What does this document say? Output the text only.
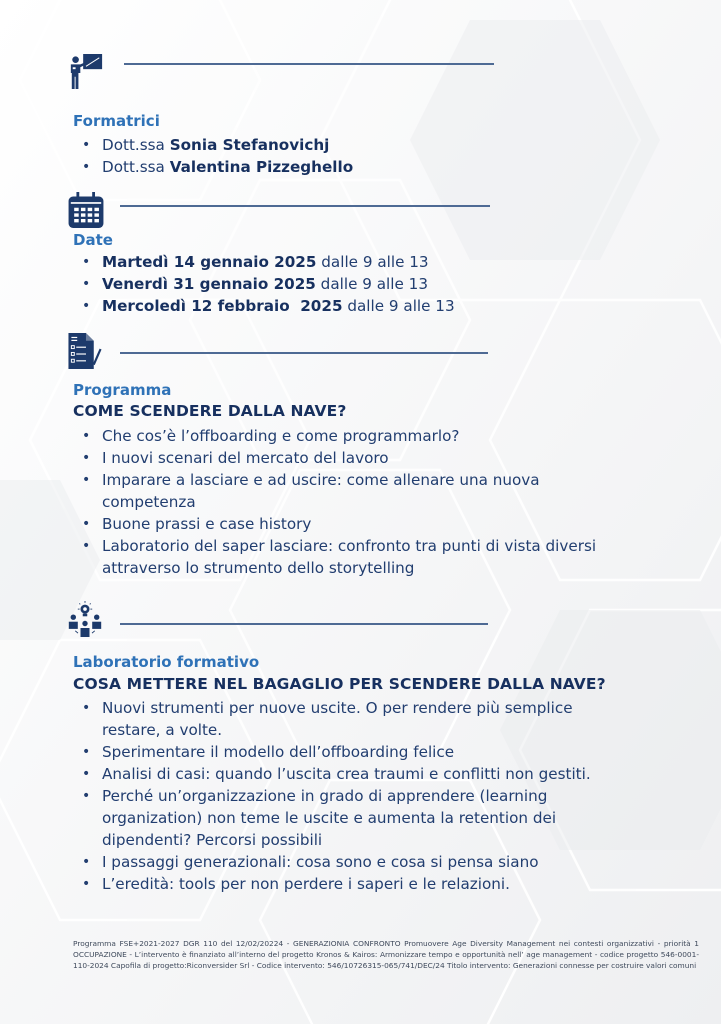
Formatrici
• Dott.ssa Sonia Stefanovichj
• Dott.ssa Valentina Pizzeghello
Date
• Martedì 14 gennaio 2025 dalle 9 alle 13
• Venerdì 31 gennaio 2025 dalle 9 alle 13
• Mercoledì 12 febbraio  2025 dalle 9 alle 13
Programma
COME SCENDERE DALLA NAVE?
• Che cos’è l’offboarding e come programmarlo?
• I nuovi scenari del mercato del lavoro
• Imparare a lasciare e ad uscire: come allenare una nuova competenza
• Buone prassi e case history
• Laboratorio del saper lasciare: confronto tra punti di vista diversi attraverso lo strumento dello storytelling
Laboratorio formativo
COSA METTERE NEL BAGAGLIO PER SCENDERE DALLA NAVE?
• Nuovi strumenti per nuove uscite. O per rendere più semplice restare, a volte.
• Sperimentare il modello dell’offboarding felice
• Analisi di casi: quando l’uscita crea traumi e conflitti non gestiti.
• Perché un’organizzazione in grado di apprendere (learning organization) non teme le uscite e aumenta la retention dei dipendenti? Percorsi possibili
• I passaggi generazionali: cosa sono e cosa si pensa siano
• L’eredità: tools per non perdere i saperi e le relazioni.
Programma FSE+2021-2027 DGR 110 del 12/02/20224 - GENERAZIONIA CONFRONTO Promuovere Age Diversity Management nei contesti organizzativi - priorità 1 OCCUPAZIONE - L’intervento è finanziato all’interno del progetto Kronos & Kairos: Armonizzare tempo e opportunità nell’ age management - codice progetto 546-0001-110-2024 Capofila di progetto:Riconversider Srl - Codice intervento: 546/10726315-065/741/DEC/24 Titolo intervento: Generazioni connesse per costruire valori comuni
